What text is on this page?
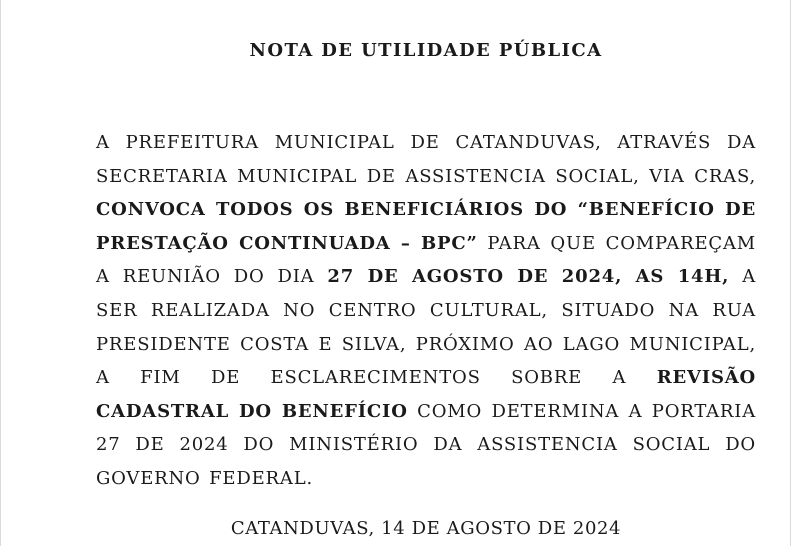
NOTA DE UTILIDADE PÚBLICA

A PREFEITURA MUNICIPAL DE CATANDUVAS, ATRAVÉS DA SECRETARIA MUNICIPAL DE ASSISTENCIA SOCIAL, VIA CRAS, CONVOCA TODOS OS BENEFICIÁRIOS DO “BENEFÍCIO DE PRESTAÇÃO CONTINUADA – BPC” PARA QUE COMPAREÇAM A REUNIÃO DO DIA 27 DE AGOSTO DE 2024, AS 14H, A SER REALIZADA NO CENTRO CULTURAL, SITUADO NA RUA PRESIDENTE COSTA E SILVA, PRÓXIMO AO LAGO MUNICIPAL, A FIM DE ESCLARECIMENTOS SOBRE A REVISÃO CADASTRAL DO BENEFÍCIO COMO DETERMINA A PORTARIA 27 DE 2024 DO MINISTÉRIO DA ASSISTENCIA SOCIAL DO GOVERNO FEDERAL.

CATANDUVAS, 14 DE AGOSTO DE 2024
